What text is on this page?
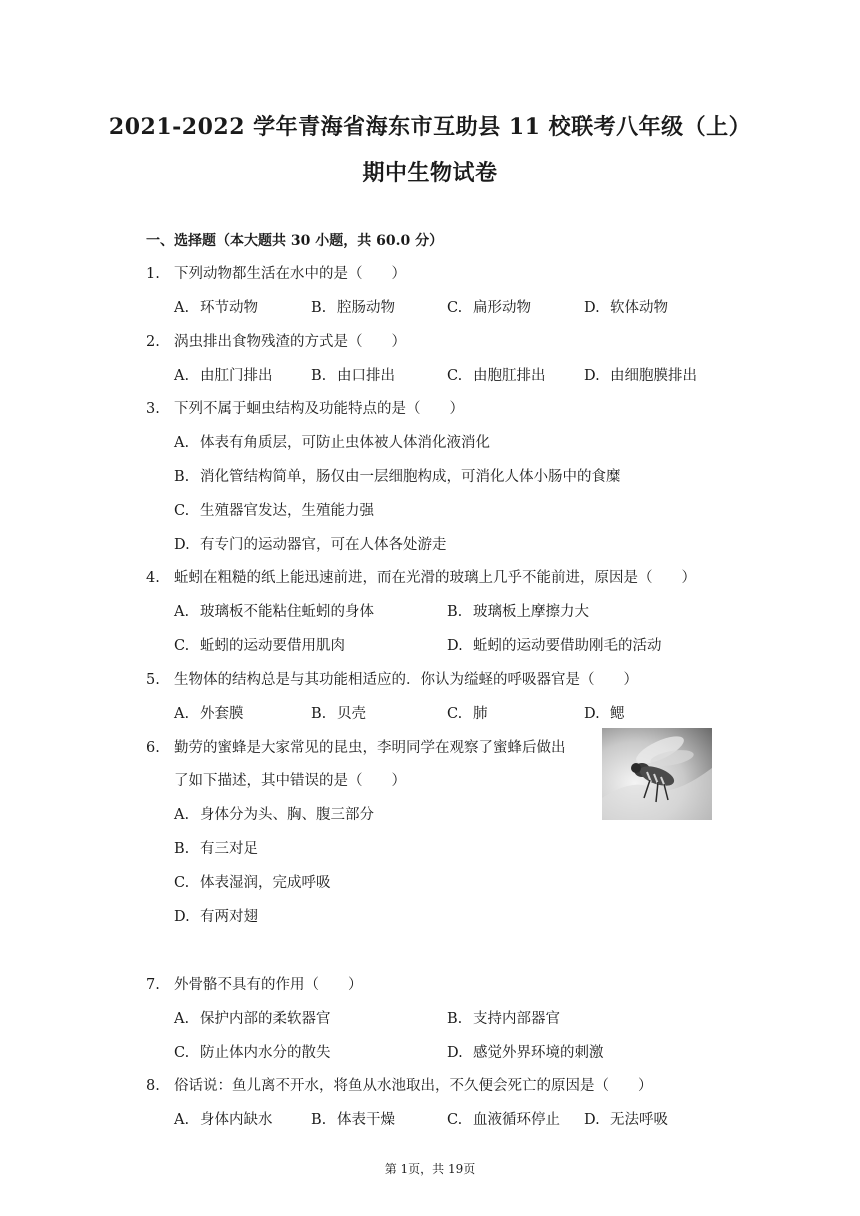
2021-2022 学年青海省海东市互助县 11 校联考八年级（上）
期中生物试卷
一、选择题（本大题共 30 小题，共 60.0 分）
1. 下列动物都生活在水中的是（　　）
A. 环节动物	B. 腔肠动物	C. 扁形动物	D. 软体动物
2. 涡虫排出食物残渣的方式是（　　）
A. 由肛门排出	B. 由口排出	C. 由胞肛排出	D. 由细胞膜排出
3. 下列不属于蛔虫结构及功能特点的是（　　）
A. 体表有角质层，可防止虫体被人体消化液消化
B. 消化管结构简单，肠仅由一层细胞构成，可消化人体小肠中的食糜
C. 生殖器官发达，生殖能力强
D. 有专门的运动器官，可在人体各处游走
4. 蚯蚓在粗糙的纸上能迅速前进，而在光滑的玻璃上几乎不能前进，原因是（　　）
A. 玻璃板不能粘住蚯蚓的身体	B. 玻璃板上摩擦力大
C. 蚯蚓的运动要借用肌肉	D. 蚯蚓的运动要借助刚毛的活动
5. 生物体的结构总是与其功能相适应的．你认为缢蛏的呼吸器官是（　　）
A. 外套膜	B. 贝壳	C. 肺	D. 鳃
6. 勤劳的蜜蜂是大家常见的昆虫，李明同学在观察了蜜蜂后做出
了如下描述，其中错误的是（　　）
A. 身体分为头、胸、腹三部分
B. 有三对足
C. 体表湿润，完成呼吸
D. 有两对翅
7. 外骨骼不具有的作用（　　）
A. 保护内部的柔软器官	B. 支持内部器官
C. 防止体内水分的散失	D. 感觉外界环境的刺激
8. 俗话说：鱼儿离不开水，将鱼从水池取出，不久便会死亡的原因是（　　）
A. 身体内缺水	B. 体表干燥	C. 血液循环停止 D. 无法呼吸
第 1页，共 19页
